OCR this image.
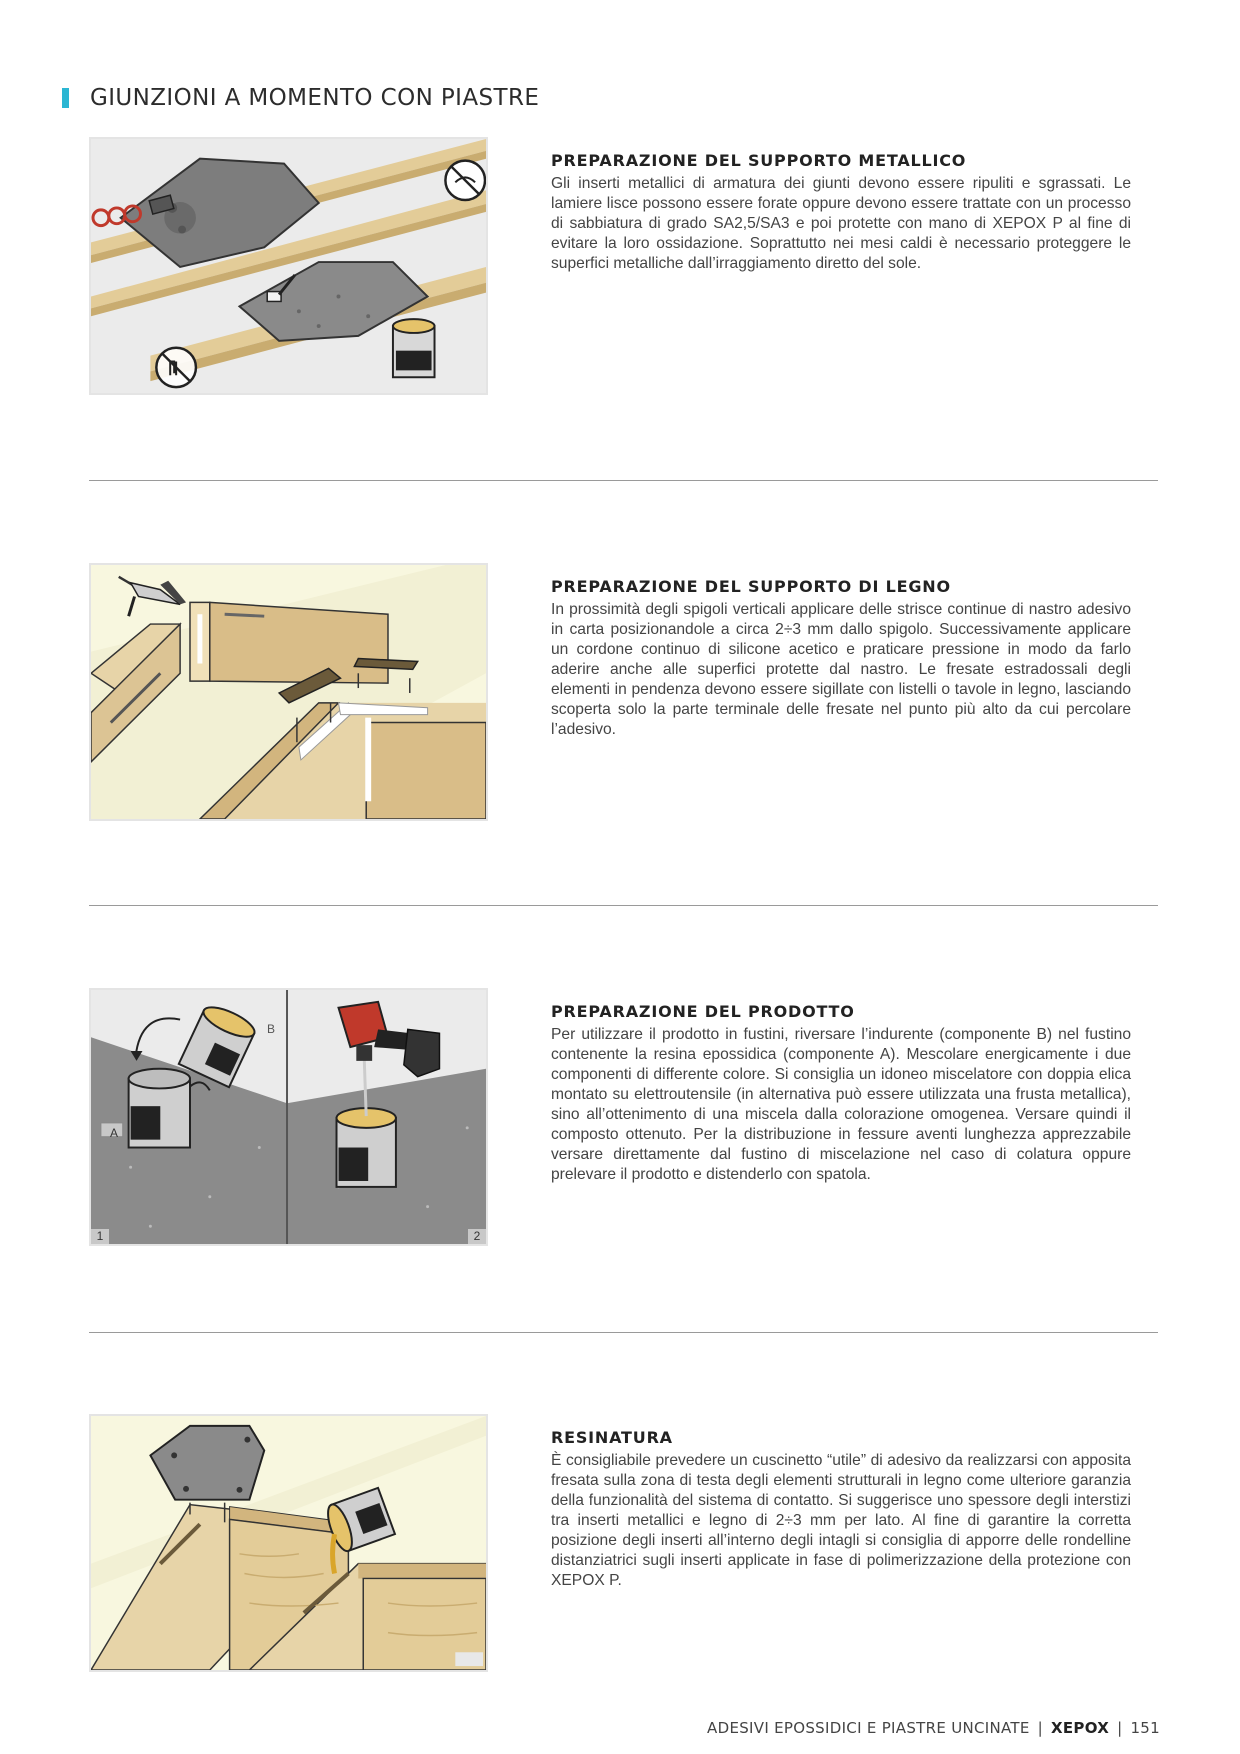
GIUNZIONI A MOMENTO CON PIASTRE
PREPARAZIONE DEL SUPPORTO METALLICO

Gli inserti metallici di armatura dei giunti devono essere ripuliti e sgrassati. Le lamiere lisce possono essere forate oppure devono essere trattate con un processo di sabbiatura di grado SA2,5/SA3 e poi protette con mano di XEPOX P al fine di evitare la loro ossidazione. Soprattutto nei mesi caldi è necessario proteggere le superfici metalliche dall’irraggiamento diretto del sole.

PREPARAZIONE DEL SUPPORTO DI LEGNO

In prossimità degli spigoli verticali applicare delle strisce continue di nastro adesivo in carta posizionandole a circa 2÷3 mm dallo spigolo. Successivamente applicare un cordone continuo di silicone acetico e praticare pressione in modo da farlo aderire anche alle superfici protette dal nastro. Le fresate estradossali degli elementi in pendenza devono essere sigillate con listelli o tavole in legno, lasciando scoperta solo la parte terminale delle fresate nel punto più alto da cui percolare l’adesivo.

B
A
1	2
PREPARAZIONE DEL PRODOTTO

Per utilizzare il prodotto in fustini, riversare l’indurente (componente B) nel fustino contenente la resina epossidica (componente A). Mescolare energicamente i due componenti di differente colore. Si consiglia un idoneo miscelatore con doppia elica montato su elettroutensile (in alternativa può essere utilizzata una frusta metallica), sino all’ottenimento di una miscela dalla colorazione omogenea. Versare quindi il composto ottenuto. Per la distribuzione in fessure aventi lunghezza apprezzabile versare direttamente dal fustino di miscelazione nel caso di colatura oppure prelevare il prodotto e distenderlo con spatola.

RESINATURA

È consigliabile prevedere un cuscinetto “utile” di adesivo da realizzarsi con apposita fresata sulla zona di testa degli elementi strutturali in legno come ulteriore garanzia della funzionalità del sistema di contatto. Si suggerisce uno spessore degli interstizi tra inserti metallici e legno di 2÷3 mm per lato. Al fine di garantire la corretta posizione degli inserti all’interno degli intagli si consiglia di apporre delle rondelline distanziatrici sugli inserti applicate in fase di polimerizzazione della protezione con XEPOX P.

ADESIVI EPOSSIDICI E PIASTRE UNCINATE | XEPOX | 151
